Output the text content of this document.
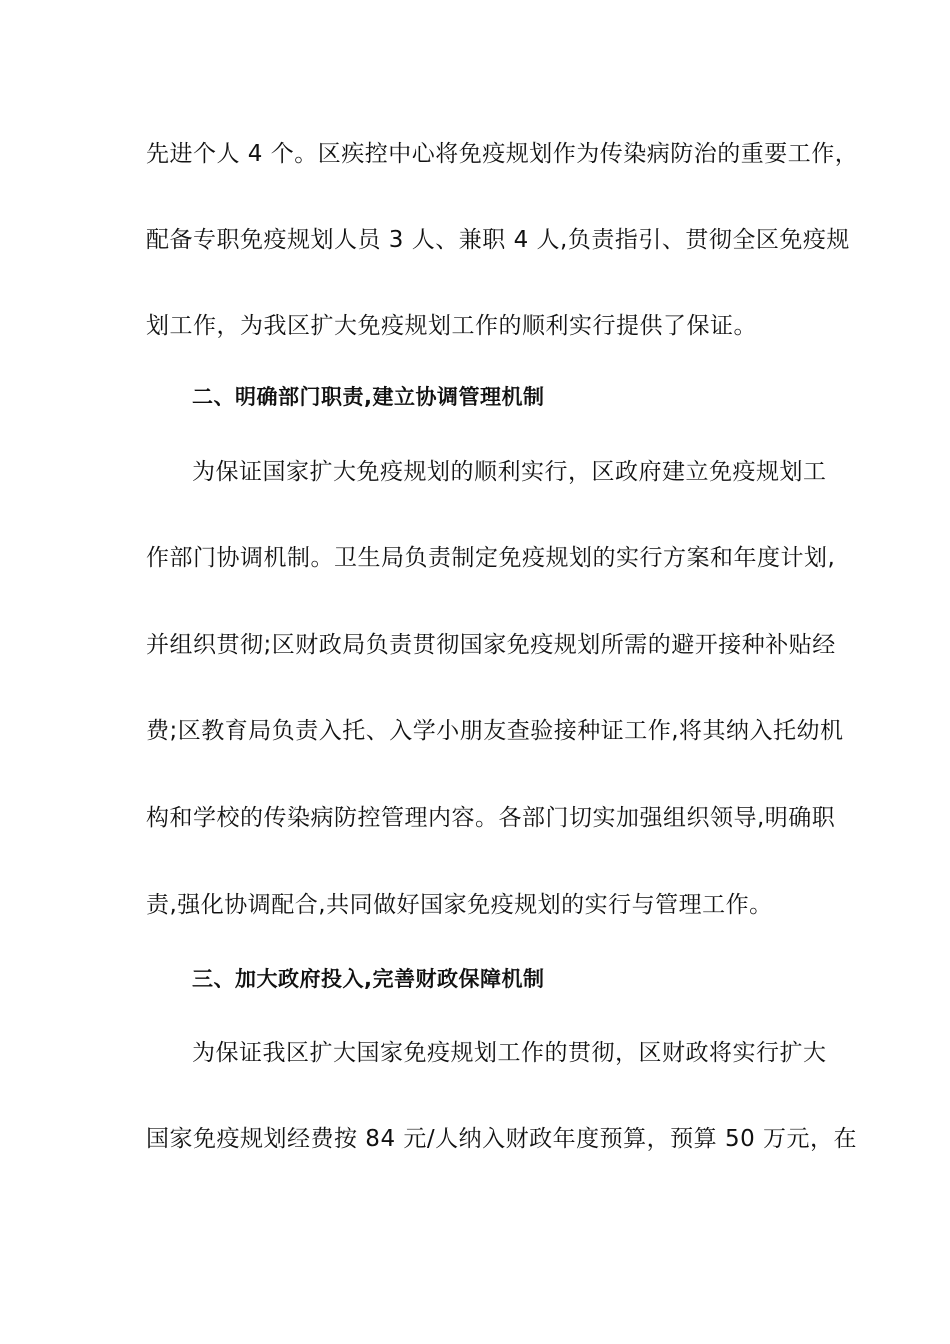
先进个人 4 个。区疾控中心将免疫规划作为传染病防治的重要工作，
配备专职免疫规划人员 3 人、兼职 4 人,负责指引、贯彻全区免疫规
划工作，为我区扩大免疫规划工作的顺利实行提供了保证。
二、明确部门职责,建立协调管理机制
为保证国家扩大免疫规划的顺利实行，区政府建立免疫规划工
作部门协调机制。卫生局负责制定免疫规划的实行方案和年度计划,
并组织贯彻;区财政局负责贯彻国家免疫规划所需的避开接种补贴经
费;区教育局负责入托、入学小朋友查验接种证工作,将其纳入托幼机
构和学校的传染病防控管理内容。各部门切实加强组织领导,明确职
责,强化协调配合,共同做好国家免疫规划的实行与管理工作。
三、加大政府投入,完善财政保障机制
为保证我区扩大国家免疫规划工作的贯彻，区财政将实行扩大
国家免疫规划经费按 84 元/人纳入财政年度预算，预算 50 万元，在
